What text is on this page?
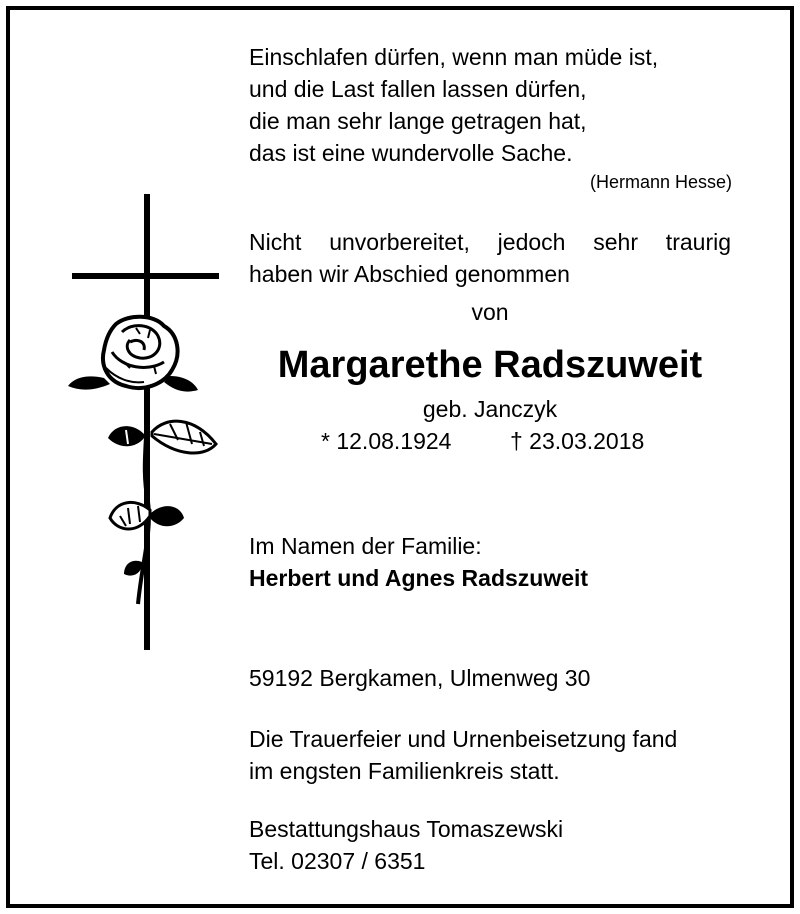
Einschlafen dürfen, wenn man müde ist,
und die Last fallen lassen dürfen,
die man sehr lange getragen hat,
das ist eine wundervolle Sache.
(Hermann Hesse)
Nicht unvorbereitet, jedoch sehr traurig
haben wir Abschied genommen
von
Margarethe Radszuweit
geb. Janczyk
* 12.08.1924	† 23.03.2018
Im Namen der Familie:
Herbert und Agnes Radszuweit
59192 Bergkamen, Ulmenweg 30
Die Trauerfeier und Urnenbeisetzung fand
im engsten Familienkreis statt.
Bestattungshaus Tomaszewski
Tel. 02307 / 6351
